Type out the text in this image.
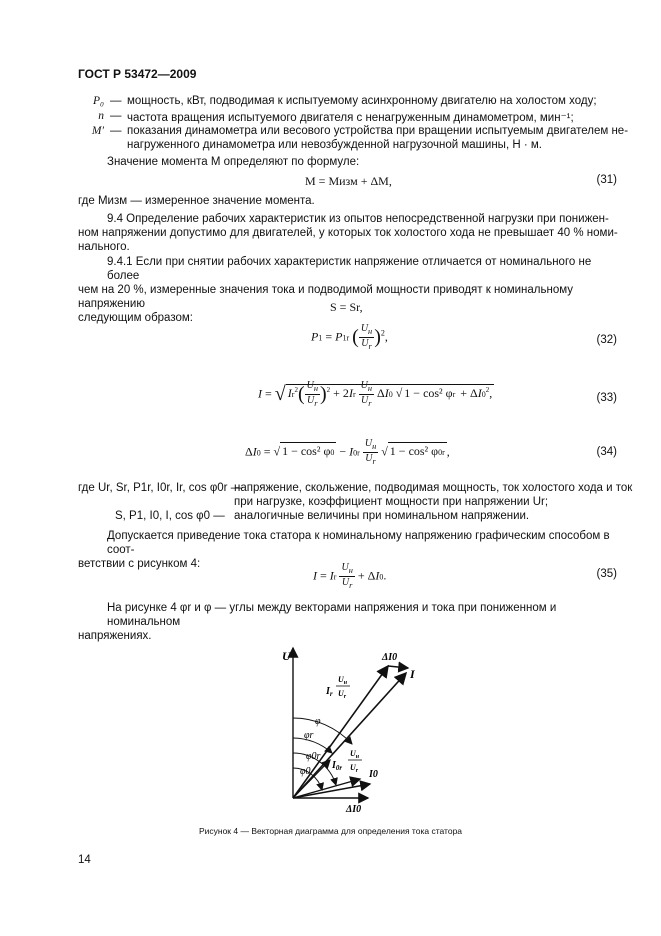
ГОСТ Р 53472—2009
P₀ — мощность, кВт, подводимая к испытуемому асинхронному двигателю на холостом ходу;
n — частота вращения испытуемого двигателя с ненагруженным динамометром, мин⁻¹;
M′ — показания динамометра или весового устройства при вращении испытуемым двигателем не-
нагруженного динамометра или невозбужденной нагрузочной машины, Н · м.
Значение момента M определяют по формуле:
M = Mизм + ΔM,	(31)
где Mизм — измеренное значение момента.
9.4 Определение рабочих характеристик из опытов непосредственной нагрузки при понижен-
ном напряжении допустимо для двигателей, у которых ток холостого хода не превышает 40 % номи-
нального.
9.4.1 Если при снятии рабочих характеристик напряжение отличается от номинального не более
чем на 20 %, измеренные значения тока и подводимой мощности приводят к номинальному напряжению
следующим образом:
S = Sr,
P1 = P1r ( $\frac{U_н}{U_r} )^2$,	(32)
I = √ $Ir^2( \frac{U_н}{U_r} )^2 + 2Ir \frac{U_н}{U_r} \Delta I0$ √ 1 − cos² $\varphi r + \Delta I0^2$,	(33)
ΔI0 = √ 1 − cos² $\varphi 0 - I0r \frac{U_н}{U_r}$ √ 1 − cos² φ0r ,	(34)
где Ur, Sr, P1r, I0r, Ir, cos φ0r —
напряжение, скольжение, подводимая мощность, ток холостого хода и ток
при нагрузке, коэффициент мощности при напряжении Ur;
S, P1, I0, I, cos φ0 — аналогичные величины при номинальном напряжении.
Допускается приведение тока статора к номинальному напряжению графическим способом в соот-
ветствии с рисунком 4:
I = Ir $\frac{U_н}{U_r} + \Delta I0$.	(35)
На рисунке 4 φr и φ — углы между векторами напряжения и тока при пониженном и номинальном
напряжениях.
U
I
ΔI0
ΔI0
I0
φ
φr
φ0r
φ0
$I_r$
$U_н$
$U_r$
$I_{0r}$
$U_н$
$U_r$
Рисунок 4 — Векторная диаграмма для определения тока статора
14
